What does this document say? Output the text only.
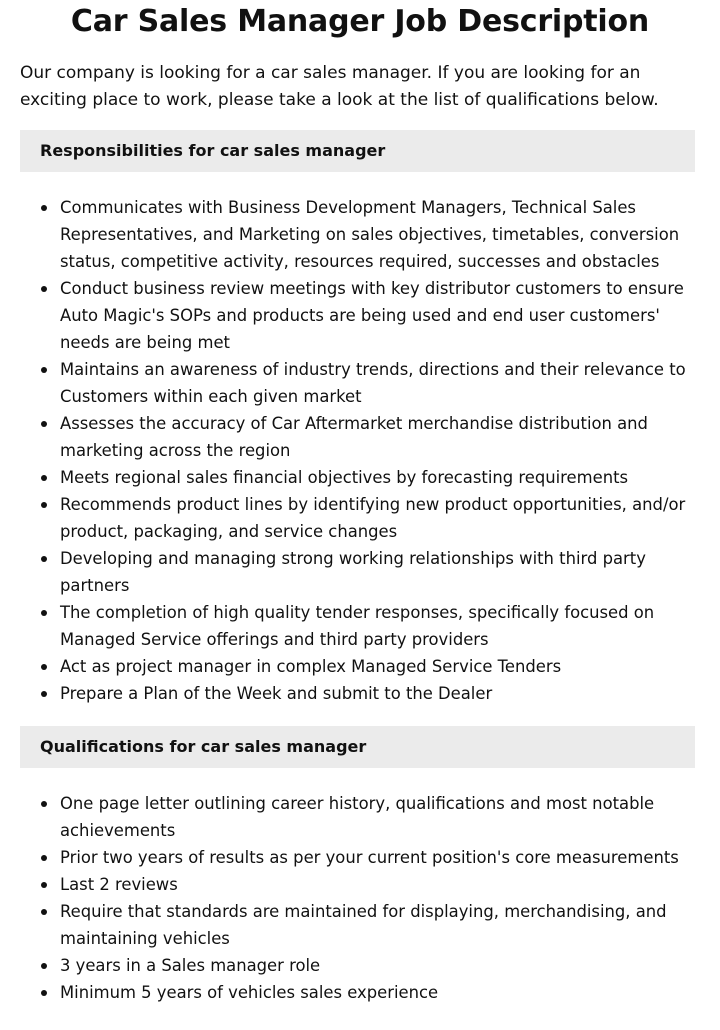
Car Sales Manager Job Description

Our company is looking for a car sales manager. If you are looking for an exciting place to work, please take a look at the list of qualifications below.

Responsibilities for car sales manager
Communicates with Business Development Managers, Technical Sales Representatives, and Marketing on sales objectives, timetables, conversion status, competitive activity, resources required, successes and obstacles
Conduct business review meetings with key distributor customers to ensure Auto Magic's SOPs and products are being used and end user customers' needs are being met
Maintains an awareness of industry trends, directions and their relevance to Customers within each given market
Assesses the accuracy of Car Aftermarket merchandise distribution and marketing across the region
Meets regional sales financial objectives by forecasting requirements
Recommends product lines by identifying new product opportunities, and/or product, packaging, and service changes
Developing and managing strong working relationships with third party partners
The completion of high quality tender responses, specifically focused on Managed Service offerings and third party providers
Act as project manager in complex Managed Service Tenders
Prepare a Plan of the Week and submit to the Dealer
Qualifications for car sales manager
One page letter outlining career history, qualifications and most notable achievements
Prior two years of results as per your current position's core measurements
Last 2 reviews
Require that standards are maintained for displaying, merchandising, and maintaining vehicles
3 years in a Sales manager role
Minimum 5 years of vehicles sales experience
